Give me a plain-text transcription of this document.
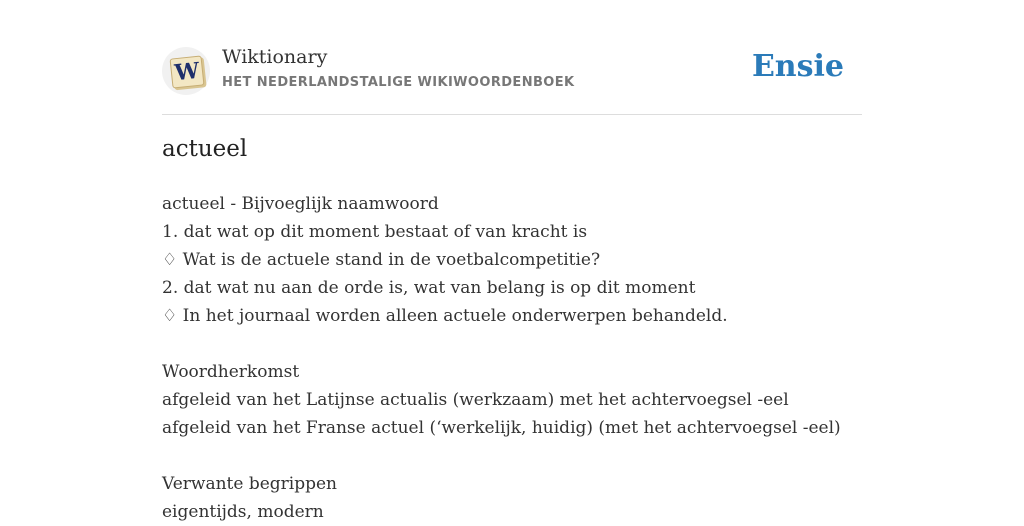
W
Wiktionary
HET NEDERLANDSTALIGE WIKIWOORDENBOEK	Ensie
actueel
actueel - Bijvoeglijk naamwoord
1. dat wat op dit moment bestaat of van kracht is
♢ Wat is de actuele stand in de voetbalcompetitie?
2. dat wat nu aan de orde is, wat van belang is op dit moment
♢ In het journaal worden alleen actuele onderwerpen behandeld.
Woordherkomst
afgeleid van het Latijnse actualis (werkzaam) met het achtervoegsel -eel
afgeleid van het Franse actuel (‘werkelijk, huidig) (met het achtervoegsel -eel)
Verwante begrippen
eigentijds, modern
